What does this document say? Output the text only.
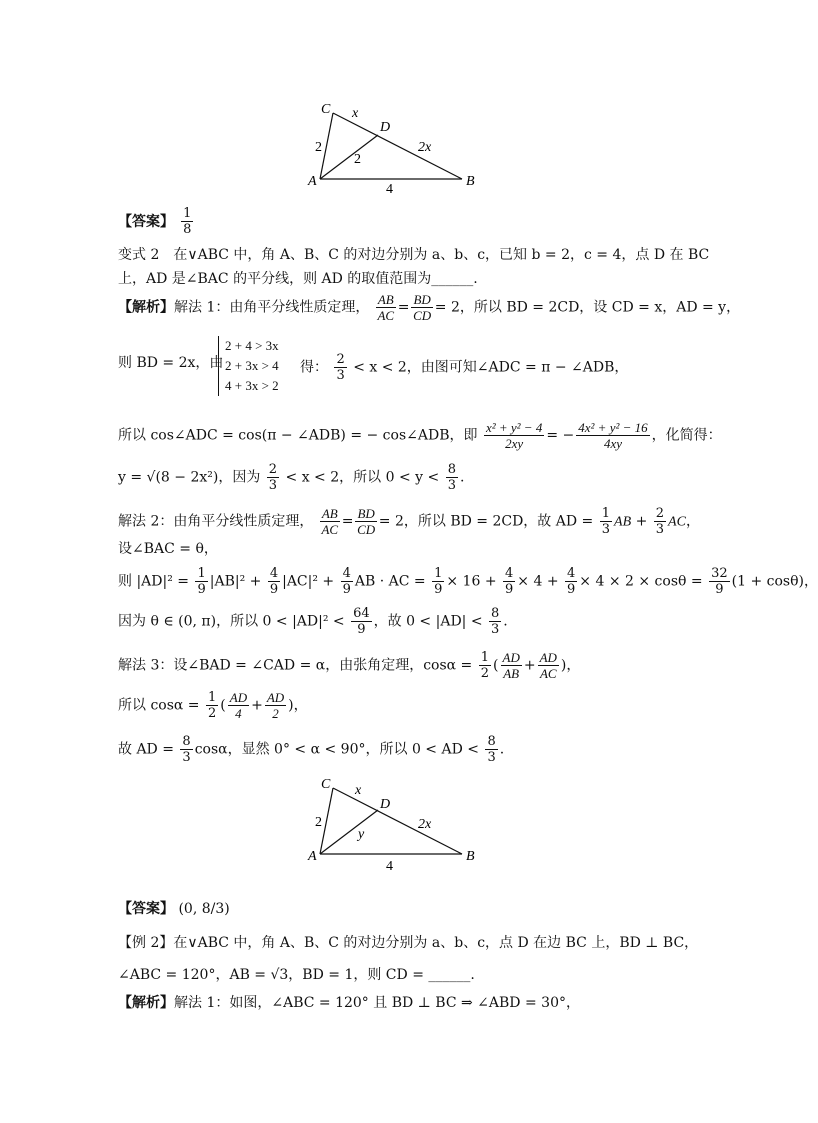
C x
D
2
2
2x
A
4
B
【答案】 $\frac{1}{8}$
变式 2　在∨ABC 中，角 A、B、C 的对边分别为 a、b、c，已知 b = 2，c = 4，点 D 在 BC
上，AD 是∠BAC 的平分线，则 AD 的取值范围为______.
【解析】解法 1：由角平分线性质定理， $\frac{AB}{AC} = \frac{BD}{CD} = 2$，所以 BD = 2CD，设 CD = x，AD = y，
则 BD = 2x，由
2 + 4 > 3x
2 + 3x > 4
4 + 3x > 2
得： $\frac{2}{3} < x < 2$，由图可知∠ADC = π − ∠ADB，
所以 cos∠ADC = cos(π − ∠ADB) = − cos∠ADB，即 $\frac{\text{x² + y² − 4}}{2xy}$ = − $\frac{\text{4x² + y² − 16}}{4xy}$ ，化简得：
y = √(8 − 2x²)，因为 $\frac{2}{3} < x < 2$，所以 $0 < y < \frac{8}{3}$ .
解法 2：由角平分线性质定理， $\frac{AB}{AC} = \frac{BD}{CD} = 2$，所以 BD = 2CD，故 AD = $\frac{1}{3}$ AB + $\frac{2}{3}$ AC，
设∠BAC = θ，
则 $|AD|^2 = \frac{1}{9} |AB|^2 + \frac{4}{9} |AC|^2 + \frac{4}{9}$ AB · AC = $\frac{1}{9} \times 16 + \frac{4}{9} \times 4 + \frac{4}{9} \times 4 \times 2 \times \cos\theta = \frac{32}{9} (1 + \cos\theta)$，
因为 θ ∈ (0, π)，所以 $0 < |AD|^2 < \frac{64}{9}$ ，故 $0 < |AD| < \frac{8}{3}$ .
解法 3：设∠BAD = ∠CAD = α，由张角定理，$\cos\alpha = \frac{1}{2}$ ( $\frac{AD}{AB} + \frac{AD}{AC}$ )，
所以 $\cos\alpha = \frac{1}{2}$ ( $\frac{AD}{4} + \frac{AD}{2}$ )，
故 AD = $\frac{8}{3}$ cosα，显然 0° < α < 90°，所以 0 < AD < $\frac{8}{3}$ .
C x
D
2
y
2x
A
4
B
【答案】 (0, 8/3)
【例 2】在∨ABC 中，角 A、B、C 的对边分别为 a、b、c，点 D 在边 BC 上，BD ⊥ BC，
∠ABC = 120°，AB = √3，BD = 1，则 CD = ______.
【解析】解法 1：如图，∠ABC = 120° 且 BD ⊥ BC ⇒ ∠ABD = 30°，
